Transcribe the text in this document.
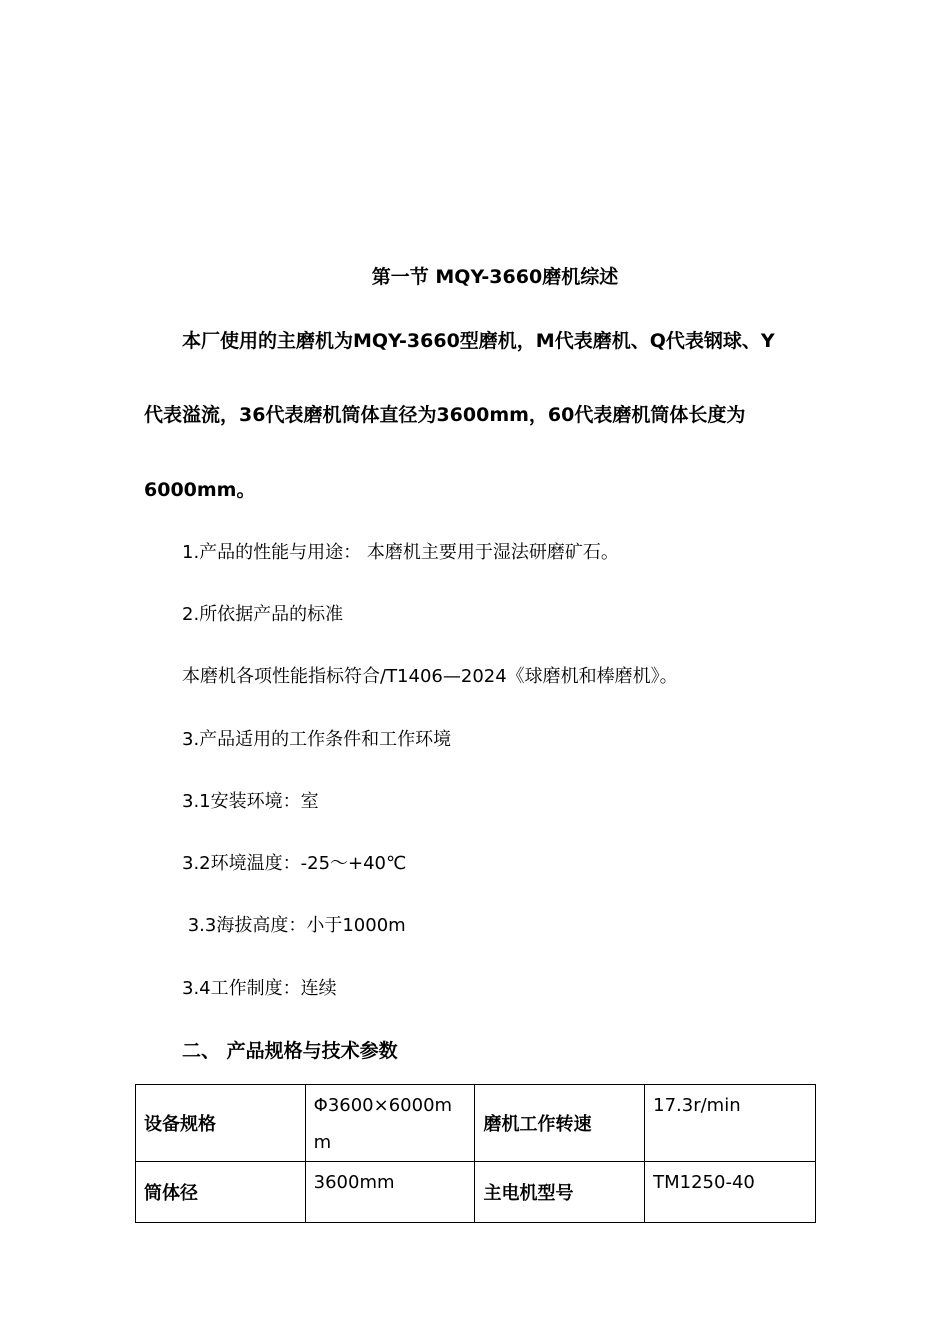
第一节 MQY-3660磨机综述
本厂使用的主磨机为MQY-3660型磨机，M代表磨机、Q代表钢球、Y
代表溢流，36代表磨机筒体直径为3600mm，60代表磨机筒体长度为
6000mm。
1.产品的性能与用途： 本磨机主要用于湿法研磨矿石。
2.所依据产品的标准
本磨机各项性能指标符合/T1406—2024《球磨机和棒磨机》。
3.产品适用的工作条件和工作环境
3.1安装环境：室
3.2环境温度：-25～+40℃
3.3海拔高度：小于1000m
3.4工作制度：连续
二、 产品规格与技术参数
设备规格	Φ3600×6000mm	磨机工作转速	17.3r/min
筒体径	3600mm	主电机型号	TM1250-40
